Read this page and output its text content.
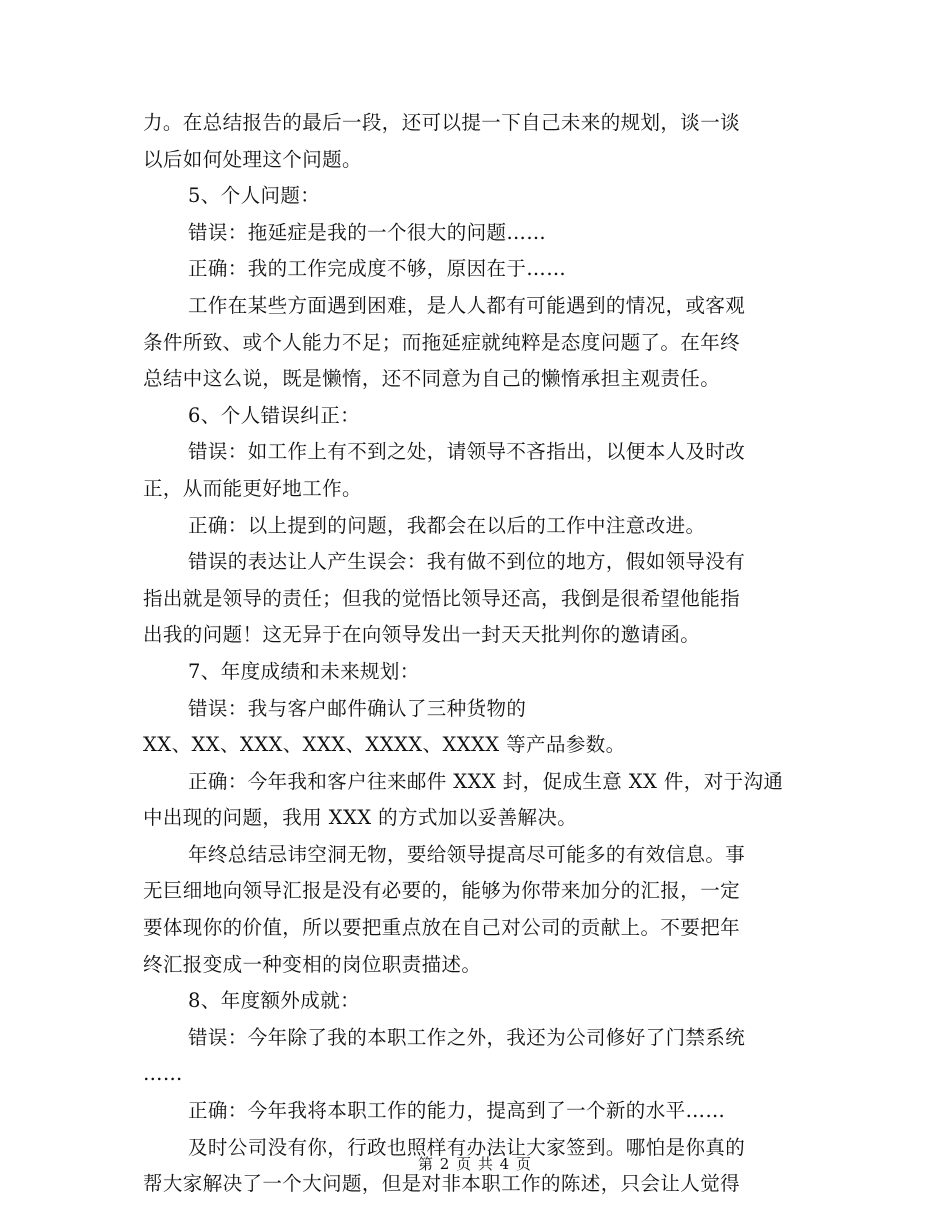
力。在总结报告的最后一段，还可以提一下自己未来的规划，谈一谈
以后如何处理这个问题。
5、个人问题：
错误：拖延症是我的一个很大的问题……
正确：我的工作完成度不够，原因在于……
工作在某些方面遇到困难，是人人都有可能遇到的情况，或客观
条件所致、或个人能力不足；而拖延症就纯粹是态度问题了。在年终
总结中这么说，既是懒惰，还不同意为自己的懒惰承担主观责任。
6、个人错误纠正：
错误：如工作上有不到之处，请领导不吝指出，以便本人及时改
正，从而能更好地工作。
正确：以上提到的问题，我都会在以后的工作中注意改进。
错误的表达让人产生误会：我有做不到位的地方，假如领导没有
指出就是领导的责任；但我的觉悟比领导还高，我倒是很希望他能指
出我的问题！这无异于在向领导发出一封天天批判你的邀请函。
7、年度成绩和未来规划：
错误：我与客户邮件确认了三种货物的
XX、XX、XXX、XXX、XXXX、XXXX 等产品参数。
正确：今年我和客户往来邮件 XXX 封，促成生意 XX 件，对于沟通
中出现的问题，我用 XXX 的方式加以妥善解决。
年终总结忌讳空洞无物，要给领导提高尽可能多的有效信息。事
无巨细地向领导汇报是没有必要的，能够为你带来加分的汇报，一定
要体现你的价值，所以要把重点放在自己对公司的贡献上。不要把年
终汇报变成一种变相的岗位职责描述。
8、年度额外成就：
错误：今年除了我的本职工作之外，我还为公司修好了门禁系统
……
正确：今年我将本职工作的能力，提高到了一个新的水平……
及时公司没有你，行政也照样有办法让大家签到。哪怕是你真的
帮大家解决了一个大问题，但是对非本职工作的陈述，只会让人觉得
第 2 页 共 4 页
